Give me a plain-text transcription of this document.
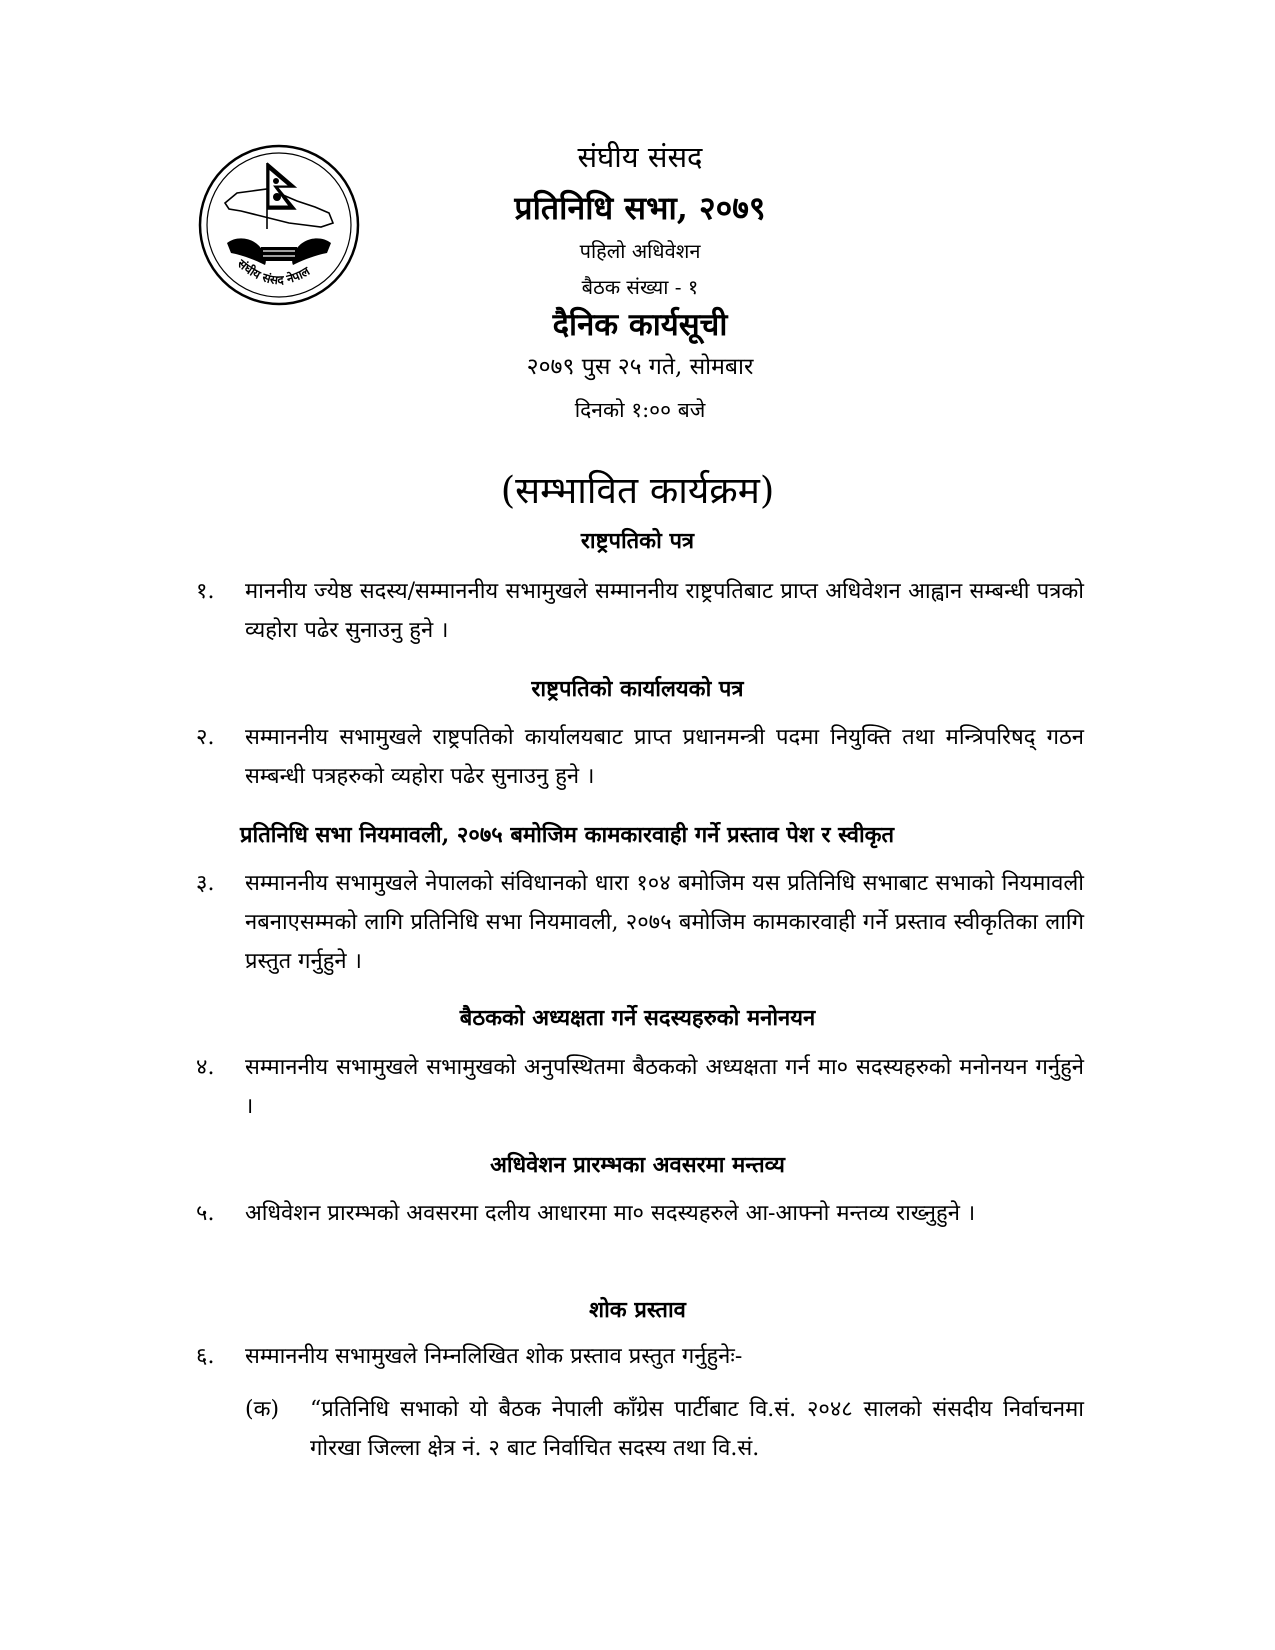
संघीय संसद नेपाल
संघीय संसद
प्रतिनिधि सभा, २०७९
पहिलो अधिवेशन
बैठक संख्या - १
दैनिक कार्यसूची
२०७९ पुस २५ गते, सोमबार
दिनको १:०० बजे
(सम्भावित कार्यक्रम)
राष्ट्रपतिको पत्र
१. माननीय ज्येष्ठ सदस्य/सम्माननीय सभामुखले सम्माननीय राष्ट्रपतिबाट प्राप्त अधिवेशन आह्वान सम्बन्धी पत्रको व्यहोरा पढेर सुनाउनु हुने ।
राष्ट्रपतिको कार्यालयको पत्र
२. सम्माननीय सभामुखले राष्ट्रपतिको कार्यालयबाट प्राप्त प्रधानमन्त्री पदमा नियुक्ति तथा मन्त्रिपरिषद् गठन सम्बन्धी पत्रहरुको व्यहोरा पढेर सुनाउनु हुने ।
प्रतिनिधि सभा नियमावली, २०७५ बमोजिम कामकारवाही गर्ने प्रस्ताव पेश र स्वीकृत
३. सम्माननीय सभामुखले नेपालको संविधानको धारा १०४ बमोजिम यस प्रतिनिधि सभाबाट सभाको नियमावली नबनाएसम्मको लागि प्रतिनिधि सभा नियमावली, २०७५ बमोजिम कामकारवाही गर्ने प्रस्ताव स्वीकृतिका लागि प्रस्तुत गर्नुहुने ।
बैठकको अध्यक्षता गर्ने सदस्यहरुको मनोनयन
४. सम्माननीय सभामुखले सभामुखको अनुपस्थितमा बैठकको अध्यक्षता गर्न मा० सदस्यहरुको मनोनयन गर्नुहुने ।
अधिवेशन प्रारम्भका अवसरमा मन्तव्य
५. अधिवेशन प्रारम्भको अवसरमा दलीय आधारमा मा० सदस्यहरुले आ-आफ्नो मन्तव्य राख्नुहुने ।
शोक प्रस्ताव
६. सम्माननीय सभामुखले निम्नलिखित शोक प्रस्ताव प्रस्तुत गर्नुहुनेः-
(क) “प्रतिनिधि सभाको यो बैठक नेपाली काँग्रेस पार्टीबाट वि.सं. २०४८ सालको संसदीय निर्वाचनमा गोरखा जिल्ला क्षेत्र नं. २ बाट निर्वाचित सदस्य तथा वि.सं.
